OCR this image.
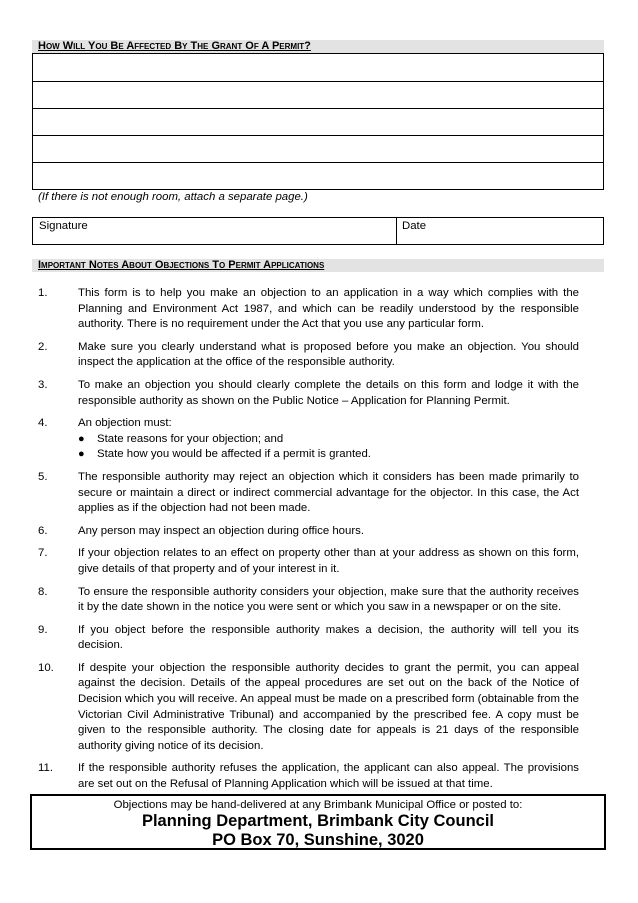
How Will You Be Affected By The Grant Of A Permit?
(If there is not enough room, attach a separate page.)
Signature	Date
Important Notes About Objections To Permit Applications
1.	This form is to help you make an objection to an application in a way which complies with the Planning and Environment Act 1987, and which can be readily understood by the responsible authority. There is no requirement under the Act that you use any particular form.
2.	Make sure you clearly understand what is proposed before you make an objection. You should inspect the application at the office of the responsible authority.
3.	To make an objection you should clearly complete the details on this form and lodge it with the responsible authority as shown on the Public Notice – Application for Planning Permit.
4.	An objection must:
● State reasons for your objection; and
● State how you would be affected if a permit is granted.
5.	The responsible authority may reject an objection which it considers has been made primarily to secure or maintain a direct or indirect commercial advantage for the objector. In this case, the Act applies as if the objection had not been made.
6.	Any person may inspect an objection during office hours.
7.	If your objection relates to an effect on property other than at your address as shown on this form, give details of that property and of your interest in it.
8.	To ensure the responsible authority considers your objection, make sure that the authority receives it by the date shown in the notice you were sent or which you saw in a newspaper or on the site.
9.	If you object before the responsible authority makes a decision, the authority will tell you its decision.
10. If despite your objection the responsible authority decides to grant the permit, you can appeal against the decision. Details of the appeal procedures are set out on the back of the Notice of Decision which you will receive. An appeal must be made on a prescribed form (obtainable from the Victorian Civil Administrative Tribunal) and accompanied by the prescribed fee. A copy must be given to the responsible authority. The closing date for appeals is 21 days of the responsible authority giving notice of its decision.
11. If the responsible authority refuses the application, the applicant can also appeal. The provisions are set out on the Refusal of Planning Application which will be issued at that time.
Objections may be hand-delivered at any Brimbank Municipal Office or posted to:
Planning Department, Brimbank City Council
PO Box 70, Sunshine, 3020
